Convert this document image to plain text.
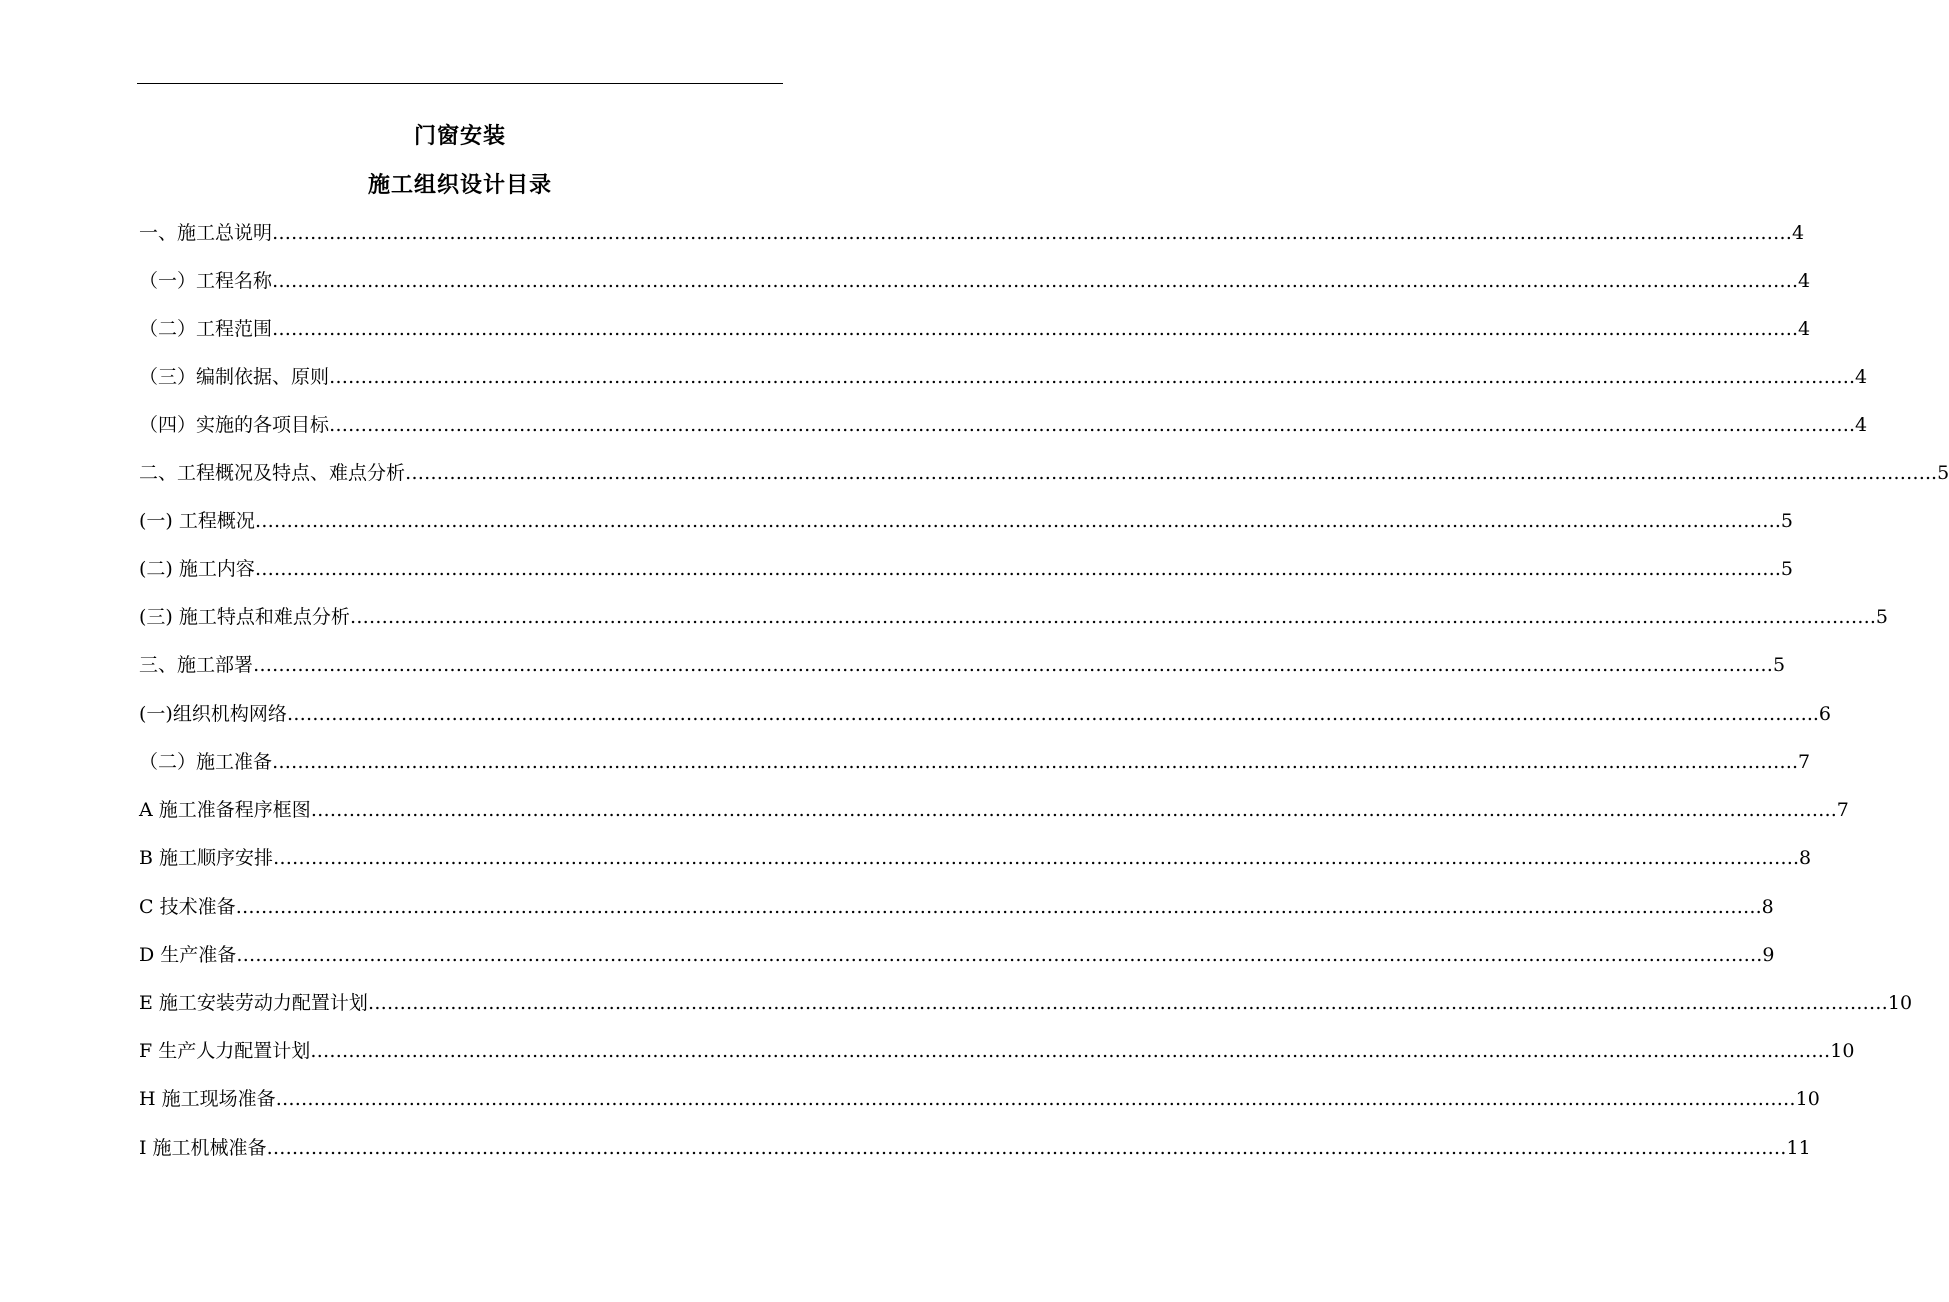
门窗安装
施工组织设计目录
一、施工总说明 …………………………………………………………………………………………………………………………………………………………………………………………………………………… 4
（一）工程名称 …………………………………………………………………………………………………………………………………………………………………………………………………………………… .4
（二）工程范围 …………………………………………………………………………………………………………………………………………………………………………………………………………………… .4
（三）编制依据、原则 …………………………………………………………………………………………………………………………………………………………………………………………………………………… .4
（四）实施的各项目标 …………………………………………………………………………………………………………………………………………………………………………………………………………………… .4
二、工程概况及特点、难点分析 …………………………………………………………………………………………………………………………………………………………………………………………………………………… ..5
(一) 工程概况 …………………………………………………………………………………………………………………………………………………………………………………………………………………… .5
(二) 施工内容 …………………………………………………………………………………………………………………………………………………………………………………………………………………… .5
(三) 施工特点和难点分析 …………………………………………………………………………………………………………………………………………………………………………………………………………………… .5
三、施工部署 …………………………………………………………………………………………………………………………………………………………………………………………………………………… 5
(一)组织机构网络 …………………………………………………………………………………………………………………………………………………………………………………………………………………… ..6
（二）施工准备 …………………………………………………………………………………………………………………………………………………………………………………………………………………… .7
A 施工准备程序框图 …………………………………………………………………………………………………………………………………………………………………………………………………………………… .7
B 施工顺序安排 …………………………………………………………………………………………………………………………………………………………………………………………………………………… .8
C 技术准备 …………………………………………………………………………………………………………………………………………………………………………………………………………………… .8
D 生产准备 …………………………………………………………………………………………………………………………………………………………………………………………………………………… .9
E 施工安装劳动力配置计划 …………………………………………………………………………………………………………………………………………………………………………………………………………………… 10
F 生产人力配置计划 …………………………………………………………………………………………………………………………………………………………………………………………………………………… 10
H 施工现场准备 …………………………………………………………………………………………………………………………………………………………………………………………………………………… 10
I 施工机械准备 …………………………………………………………………………………………………………………………………………………………………………………………………………………… 11
